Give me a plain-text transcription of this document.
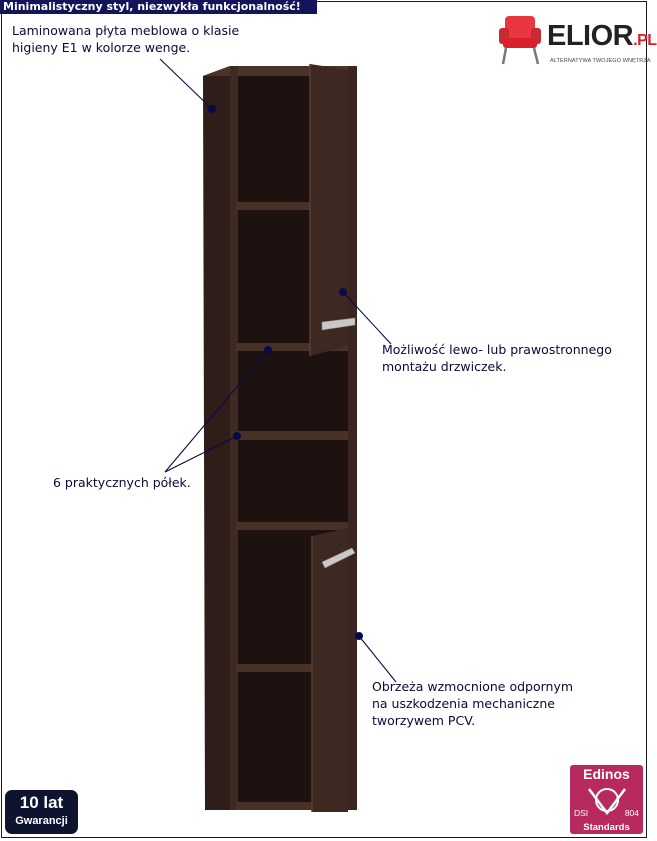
Minimalistyczny styl, niezwykła funkcjonalność!
ELIOR.PL
ALTERNATYWA TWOJEGO WNĘTRZA
Laminowana płyta meblowa o klasie
higieny E1 w kolorze wenge.
Możliwość lewo- lub prawostronnego
montażu drzwiczek.
6 praktycznych półek.
Obrzeża wzmocnione odpornym
na uszkodzenia mechaniczne
tworzywem PCV.
10 lat
Gwarancji
Edinos
DSI	804
Standards
